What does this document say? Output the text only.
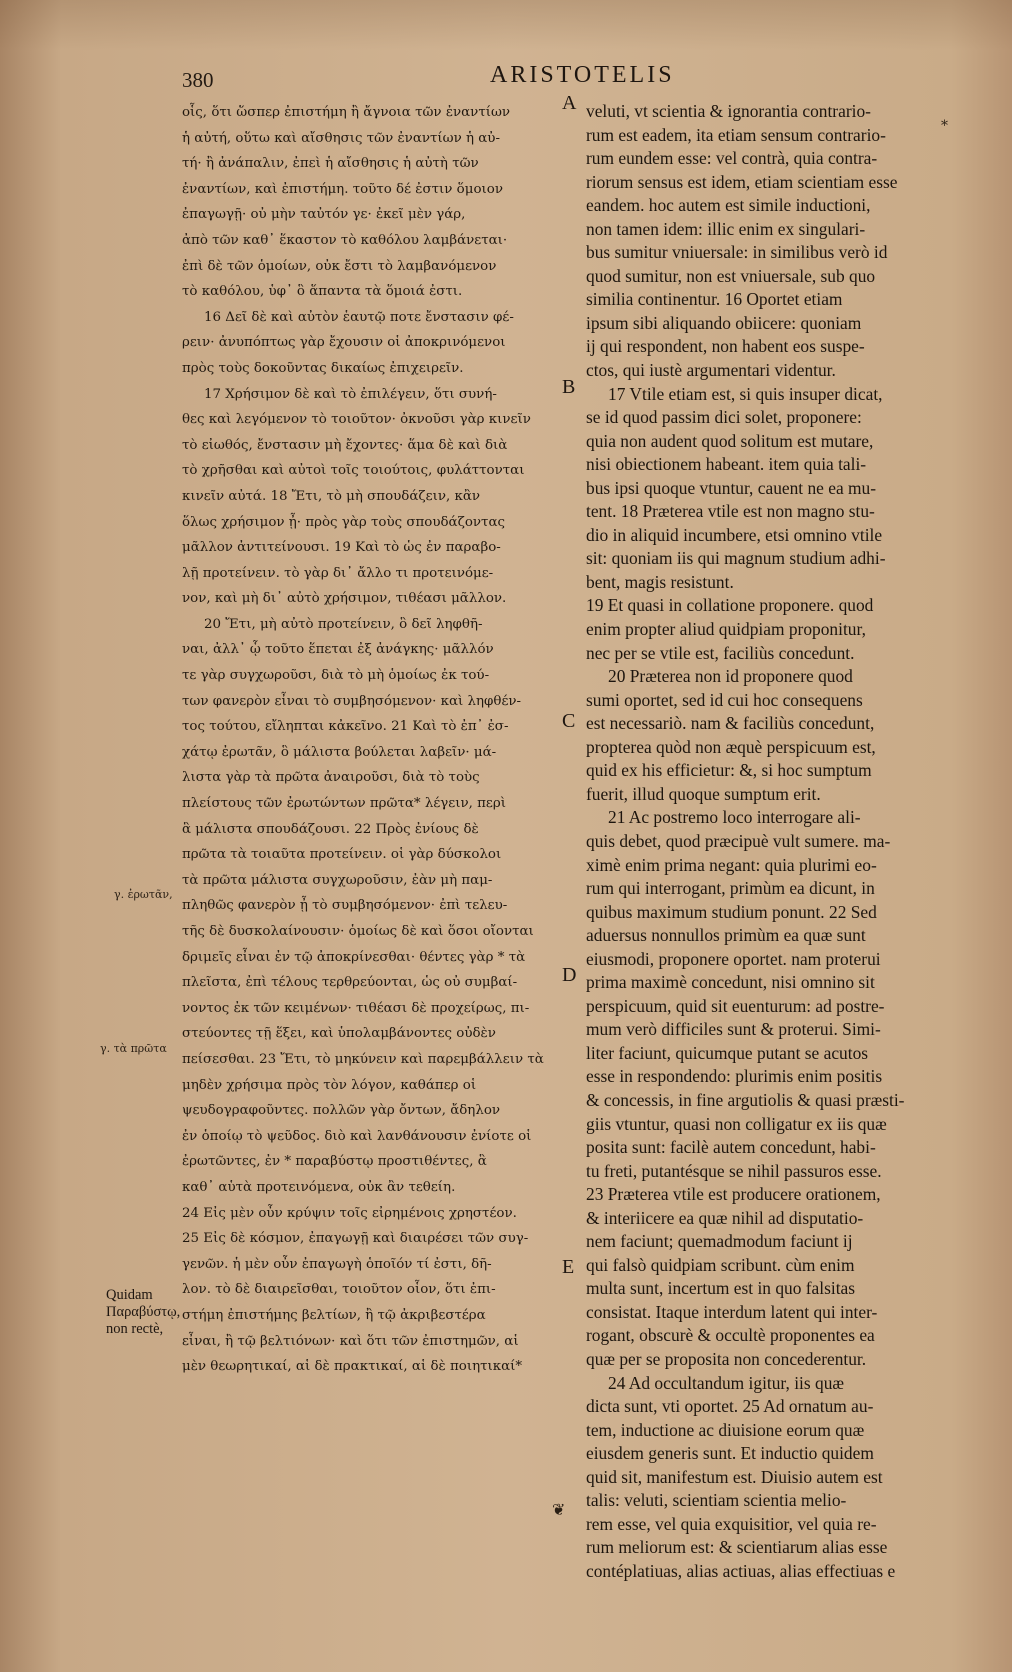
380	ARISTOTELIS
οἷς, ὅτι ὥσπερ ἐπιστήμη ἢ ἄγνοια τῶν ἐναντίων
ἡ αὐτή, οὕτω καὶ αἴσθησις τῶν ἐναντίων ἡ αὐ-
τή· ἢ ἀνάπαλιν, ἐπεὶ ἡ αἴσθησις ἡ αὐτὴ τῶν
ἐναντίων, καὶ ἐπιστήμη. τοῦτο δέ ἐστιν ὅμοιον
ἐπαγωγῇ· οὐ μὴν ταὐτόν γε· ἐκεῖ μὲν γάρ,
ἀπὸ τῶν καθ᾽ ἕκαστον τὸ καθόλου λαμβάνεται·
ἐπὶ δὲ τῶν ὁμοίων, οὐκ ἔστι τὸ λαμβανόμενον
τὸ καθόλου, ὑφ᾽ ὃ ἅπαντα τὰ ὅμοιά ἐστι.
16 Δεῖ δὲ καὶ αὐτὸν ἑαυτῷ ποτε ἔνστασιν φέ-
ρειν· ἀνυπόπτως γὰρ ἔχουσιν οἱ ἀποκρινόμενοι
πρὸς τοὺς δοκοῦντας δικαίως ἐπιχειρεῖν.
17 Χρήσιμον δὲ καὶ τὸ ἐπιλέγειν, ὅτι συνή-
θες καὶ λεγόμενον τὸ τοιοῦτον· ὀκνοῦσι γὰρ κινεῖν
τὸ εἰωθός, ἔνστασιν μὴ ἔχοντες· ἅμα δὲ καὶ διὰ
τὸ χρῆσθαι καὶ αὐτοὶ τοῖς τοιούτοις, φυλάττονται
κινεῖν αὐτά. 18 Ἔτι, τὸ μὴ σπουδάζειν, κἂν
ὅλως χρήσιμον ᾖ· πρὸς γὰρ τοὺς σπουδάζοντας
μᾶλλον ἀντιτείνουσι. 19 Καὶ τὸ ὡς ἐν παραβο-
λῇ προτείνειν. τὸ γὰρ δι᾽ ἄλλο τι προτεινόμε-
νον, καὶ μὴ δι᾽ αὐτὸ χρήσιμον, τιθέασι μᾶλλον.
20 Ἔτι, μὴ αὐτὸ προτείνειν, ὃ δεῖ ληφθῆ-
ναι, ἀλλ᾽ ᾧ τοῦτο ἕπεται ἐξ ἀνάγκης· μᾶλλόν
τε γὰρ συγχωροῦσι, διὰ τὸ μὴ ὁμοίως ἐκ τού-
των φανερὸν εἶναι τὸ συμβησόμενον· καὶ ληφθέν-
τος τούτου, εἴληπται κἀκεῖνο. 21 Καὶ τὸ ἐπ᾽ ἐσ-
χάτῳ ἐρωτᾶν, ὃ μάλιστα βούλεται λαβεῖν· μά-
λιστα γὰρ τὰ πρῶτα ἀναιροῦσι, διὰ τὸ τοὺς
πλείστους τῶν ἐρωτώντων πρῶτα* λέγειν, περὶ
ἃ μάλιστα σπουδάζουσι. 22 Πρὸς ἐνίους δὲ
πρῶτα τὰ τοιαῦτα προτείνειν. οἱ γὰρ δύσκολοι
τὰ πρῶτα μάλιστα συγχωροῦσιν, ἐὰν μὴ παμ-
πληθῶς φανερὸν ᾖ τὸ συμβησόμενον· ἐπὶ τελευ-
τῆς δὲ δυσκολαίνουσιν· ὁμοίως δὲ καὶ ὅσοι οἴονται
δριμεῖς εἶναι ἐν τῷ ἀποκρίνεσθαι· θέντες γὰρ * τὰ
πλεῖστα, ἐπὶ τέλους τερθρεύονται, ὡς οὐ συμβαί-
νοντος ἐκ τῶν κειμένων· τιθέασι δὲ προχείρως, πι-
στεύοντες τῇ ἕξει, καὶ ὑπολαμβάνοντες οὐδὲν
πείσεσθαι. 23 Ἔτι, τὸ μηκύνειν καὶ παρεμβάλλειν τὰ
μηδὲν χρήσιμα πρὸς τὸν λόγον, καθάπερ οἱ
ψευδογραφοῦντες. πολλῶν γὰρ ὄντων, ἄδηλον
ἐν ὁποίῳ τὸ ψεῦδος. διὸ καὶ λανθάνουσιν ἐνίοτε οἱ
ἐρωτῶντες, ἐν * παραβύστῳ προστιθέντες, ἃ
καθ᾽ αὑτὰ προτεινόμενα, οὐκ ἂν τεθείη.
24 Εἰς μὲν οὖν κρύψιν τοῖς εἰρημένοις χρηστέον.
25 Εἰς δὲ κόσμον, ἐπαγωγῇ καὶ διαιρέσει τῶν συγ-
γενῶν. ἡ μὲν οὖν ἐπαγωγὴ ὁποῖόν τί ἐστι, δῆ-
λον. τὸ δὲ διαιρεῖσθαι, τοιοῦτον οἷον, ὅτι ἐπι-
στήμη ἐπιστήμης βελτίων, ἢ τῷ ἀκριβεστέρα
εἶναι, ἢ τῷ βελτιόνων· καὶ ὅτι τῶν ἐπιστημῶν, αἱ
μὲν θεωρητικαί, αἱ δὲ πρακτικαί, αἱ δὲ ποιητικαί*
veluti, vt scientia & ignorantia contrario-
rum est eadem, ita etiam sensum contrario-
rum eundem esse: vel contrà, quia contra-
riorum sensus est idem, etiam scientiam esse
eandem. hoc autem est simile inductioni,
non tamen idem: illic enim ex singulari-
bus sumitur vniuersale: in similibus verò id
quod sumitur, non est vniuersale, sub quo
similia continentur. 16 Oportet etiam
ipsum sibi aliquando obiicere: quoniam
ij qui respondent, non habent eos suspe-
ctos, qui iustè argumentari videntur.
17 Vtile etiam est, si quis insuper dicat,
se id quod passim dici solet, proponere:
quia non audent quod solitum est mutare,
nisi obiectionem habeant. item quia tali-
bus ipsi quoque vtuntur, cauent ne ea mu-
tent. 18 Præterea vtile est non magno stu-
dio in aliquid incumbere, etsi omnino vtile
sit: quoniam iis qui magnum studium adhi-
bent, magis resistunt.
19 Et quasi in collatione proponere. quod
enim propter aliud quidpiam proponitur,
nec per se vtile est, faciliùs concedunt.
20 Præterea non id proponere quod
sumi oportet, sed id cui hoc consequens
est necessariò. nam & faciliùs concedunt,
propterea quòd non æquè perspicuum est,
quid ex his efficietur: &, si hoc sumptum
fuerit, illud quoque sumptum erit.
21 Ac postremo loco interrogare ali-
quis debet, quod præcipuè vult sumere. ma-
ximè enim prima negant: quia plurimi eo-
rum qui interrogant, primùm ea dicunt, in
quibus maximum studium ponunt. 22 Sed
aduersus nonnullos primùm ea quæ sunt
eiusmodi, proponere oportet. nam proterui
prima maximè concedunt, nisi omnino sit
perspicuum, quid sit euenturum: ad postre-
mum verò difficiles sunt & proterui. Simi-
liter faciunt, quicumque putant se acutos
esse in respondendo: plurimis enim positis
& concessis, in fine argutiolis & quasi præsti-
giis vtuntur, quasi non colligatur ex iis quæ
posita sunt: facilè autem concedunt, habi-
tu freti, putantésque se nihil passuros esse.
23 Præterea vtile est producere orationem,
& interiicere ea quæ nihil ad disputatio-
nem faciunt; quemadmodum faciunt ij
qui falsò quidpiam scribunt. cùm enim
multa sunt, incertum est in quo falsitas
consistat. Itaque interdum latent qui inter-
rogant, obscurè & occultè proponentes ea
quæ per se proposita non concederentur.
24 Ad occultandum igitur, iis quæ
dicta sunt, vti oportet. 25 Ad ornatum au-
tem, inductione ac diuisione eorum quæ
eiusdem generis sunt. Et inductio quidem
quid sit, manifestum est. Diuisio autem est
talis: veluti, scientiam scientia melio-
rem esse, vel quia exquisitior, vel quia re-
rum meliorum est: & scientiarum alias esse
contéplatiuas, alias actiuas, alias effectiuas e
A
B
C
D
E
γ. ἐρωτᾶν,
γ. τὰ πρῶτα
Quidam
Παραβύστῳ,
non rectè,
*
❦
